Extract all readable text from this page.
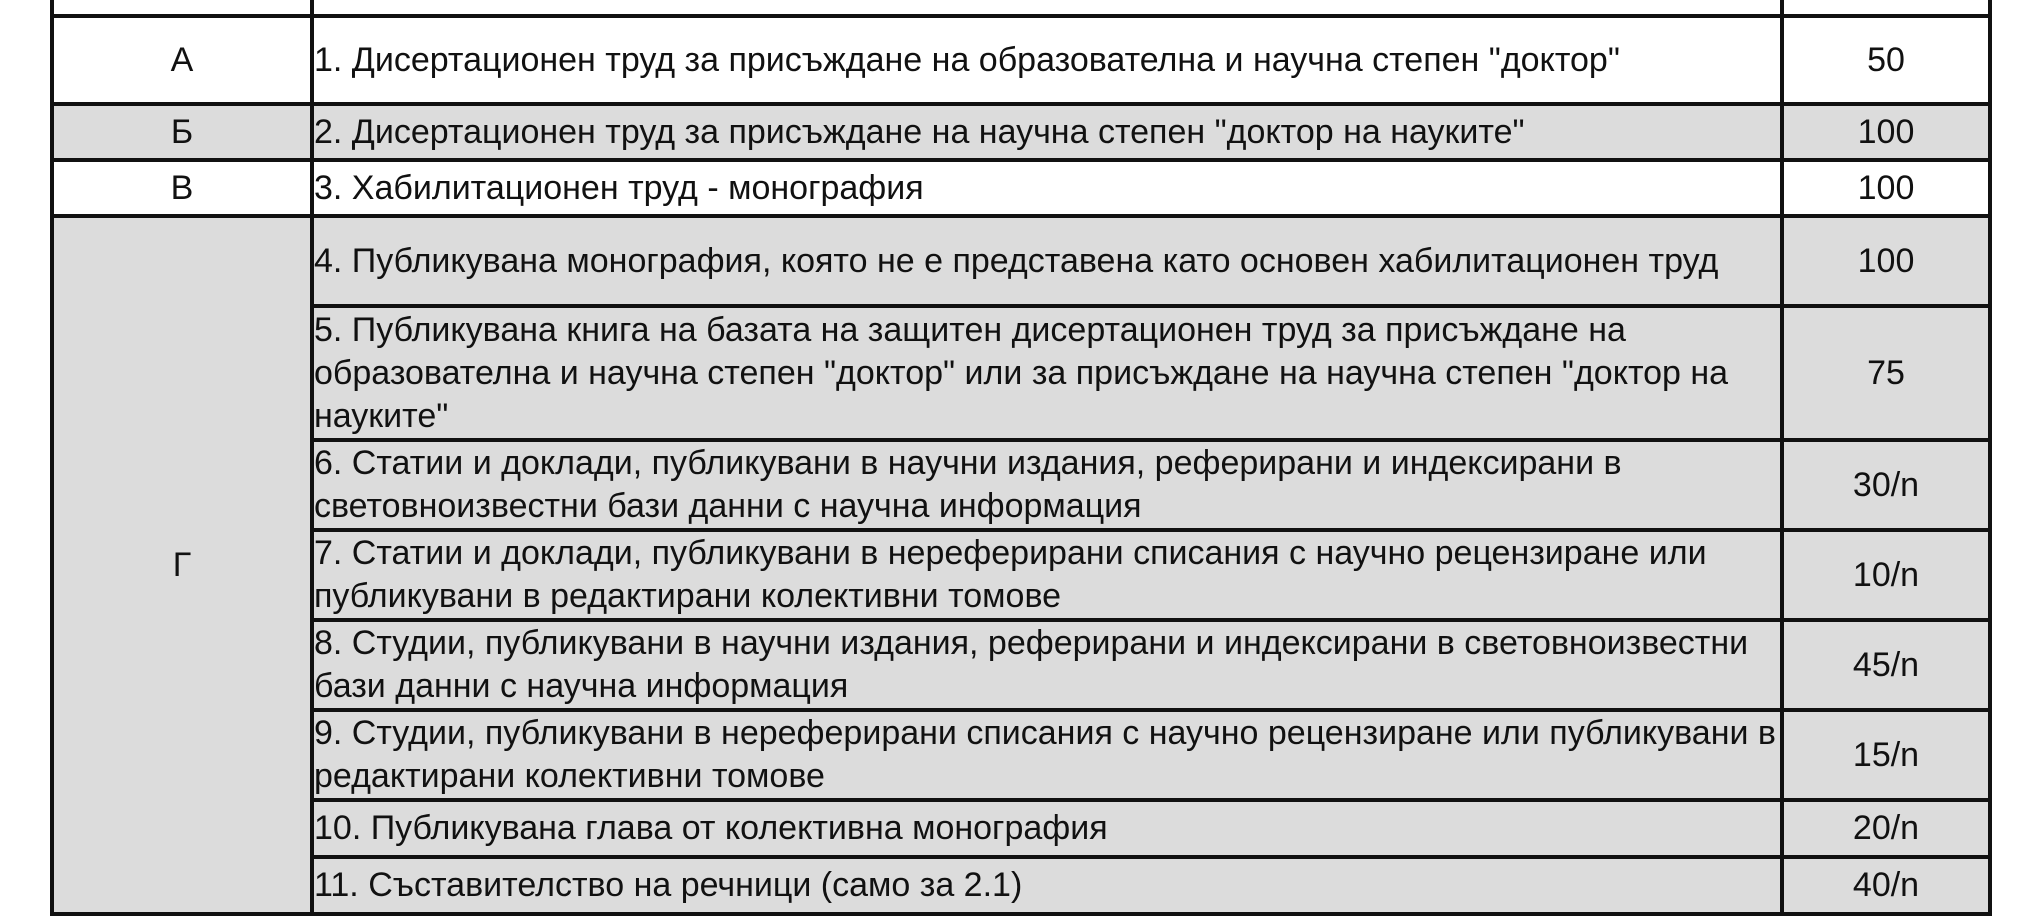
А	1. Дисертационен труд за присъждане на образователна и научна степен "доктор"	50
Б	2. Дисертационен труд за присъждане на научна степен "доктор на науките"	100
В	3. Хабилитационен труд - монография	100
Г	4. Публикувана монография, която не е представена като основен хабилитационен труд	100
	5. Публикувана книга на базата на защитен дисертационен труд за присъждане на образователна и научна степен "доктор" или за присъждане на научна степен "доктор на науките"	75
	6. Статии и доклади, публикувани в научни издания, реферирани и индексирани в световноизвестни бази данни с научна информация	30/n
	7. Статии и доклади, публикувани в нереферирани списания с научно рецензиране или публикувани в редактирани колективни томове	10/n
	8. Студии, публикувани в научни издания, реферирани и индексирани в световноизвестни бази данни с научна информация	45/n
	9. Студии, публикувани в нереферирани списания с научно рецензиране или публикувани в редактирани колективни томове	15/n
	10. Публикувана глава от колективна монография	20/n
	11. Съставителство на речници (само за 2.1)	40/n
